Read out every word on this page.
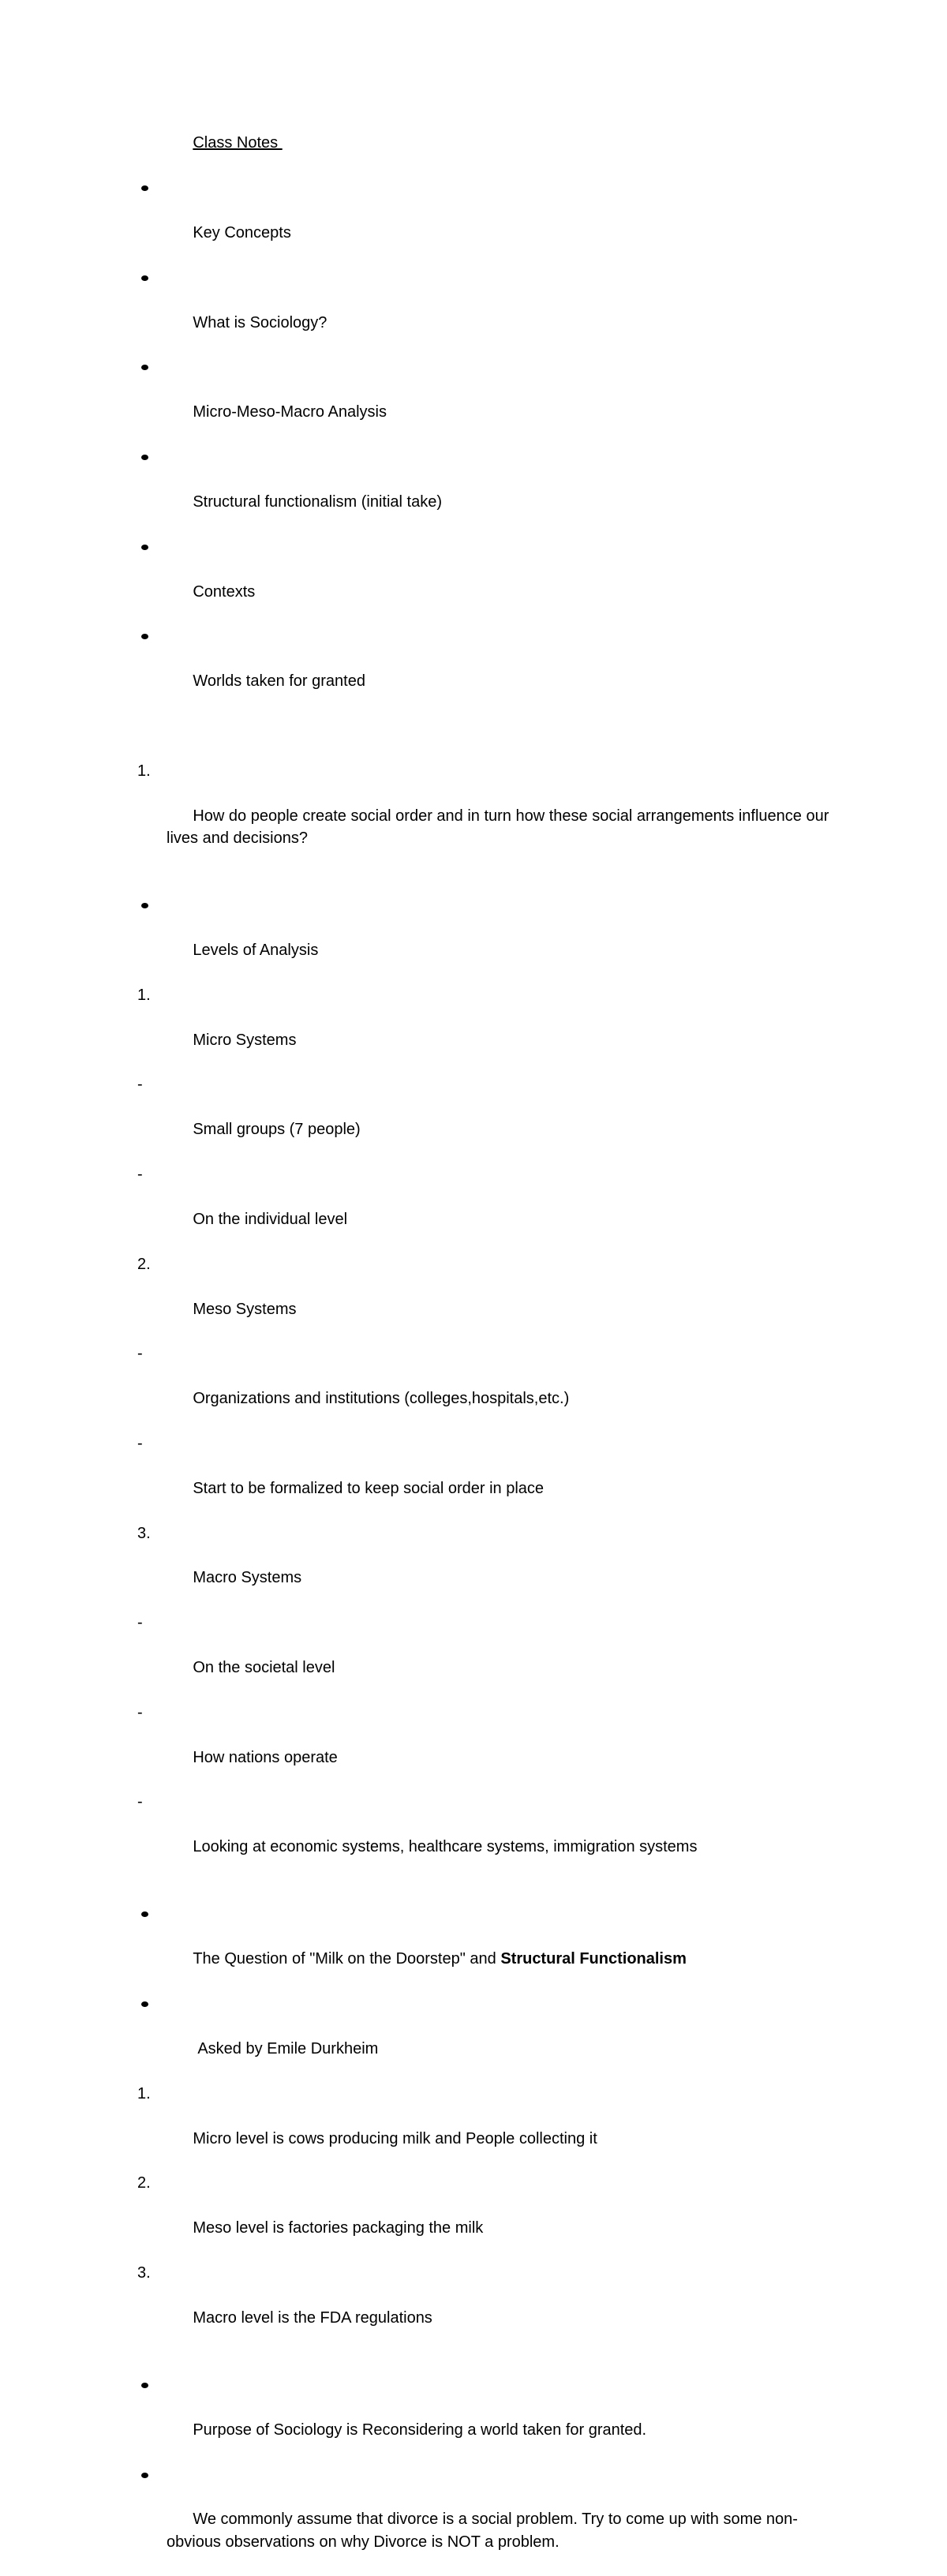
Class Notes

Key Concepts

What is Sociology?

Micro-Meso-Macro Analysis

Structural functionalism (initial take)

Contexts

Worlds taken for granted

1.

How do people create social order and in turn how these social arrangements influence our lives and decisions?

Levels of Analysis

1.

Micro Systems

-

Small groups (7 people)

-

On the individual level

2.

Meso Systems

-

Organizations and institutions (colleges,hospitals,etc.)

-

Start to be formalized to keep social order in place

3.

Macro Systems

-

On the societal level

-

How nations operate

-

Looking at economic systems, healthcare systems, immigration systems

The Question of "Milk on the Doorstep" and Structural Functionalism

Asked by Emile Durkheim

1.

Micro level is cows producing milk and People collecting it

2.

Meso level is factories packaging the milk

3.

Macro level is the FDA regulations

Purpose of Sociology is Reconsidering a world taken for granted.

We commonly assume that divorce is a social problem. Try to come up with some non-obvious observations on why Divorce is NOT a problem.
